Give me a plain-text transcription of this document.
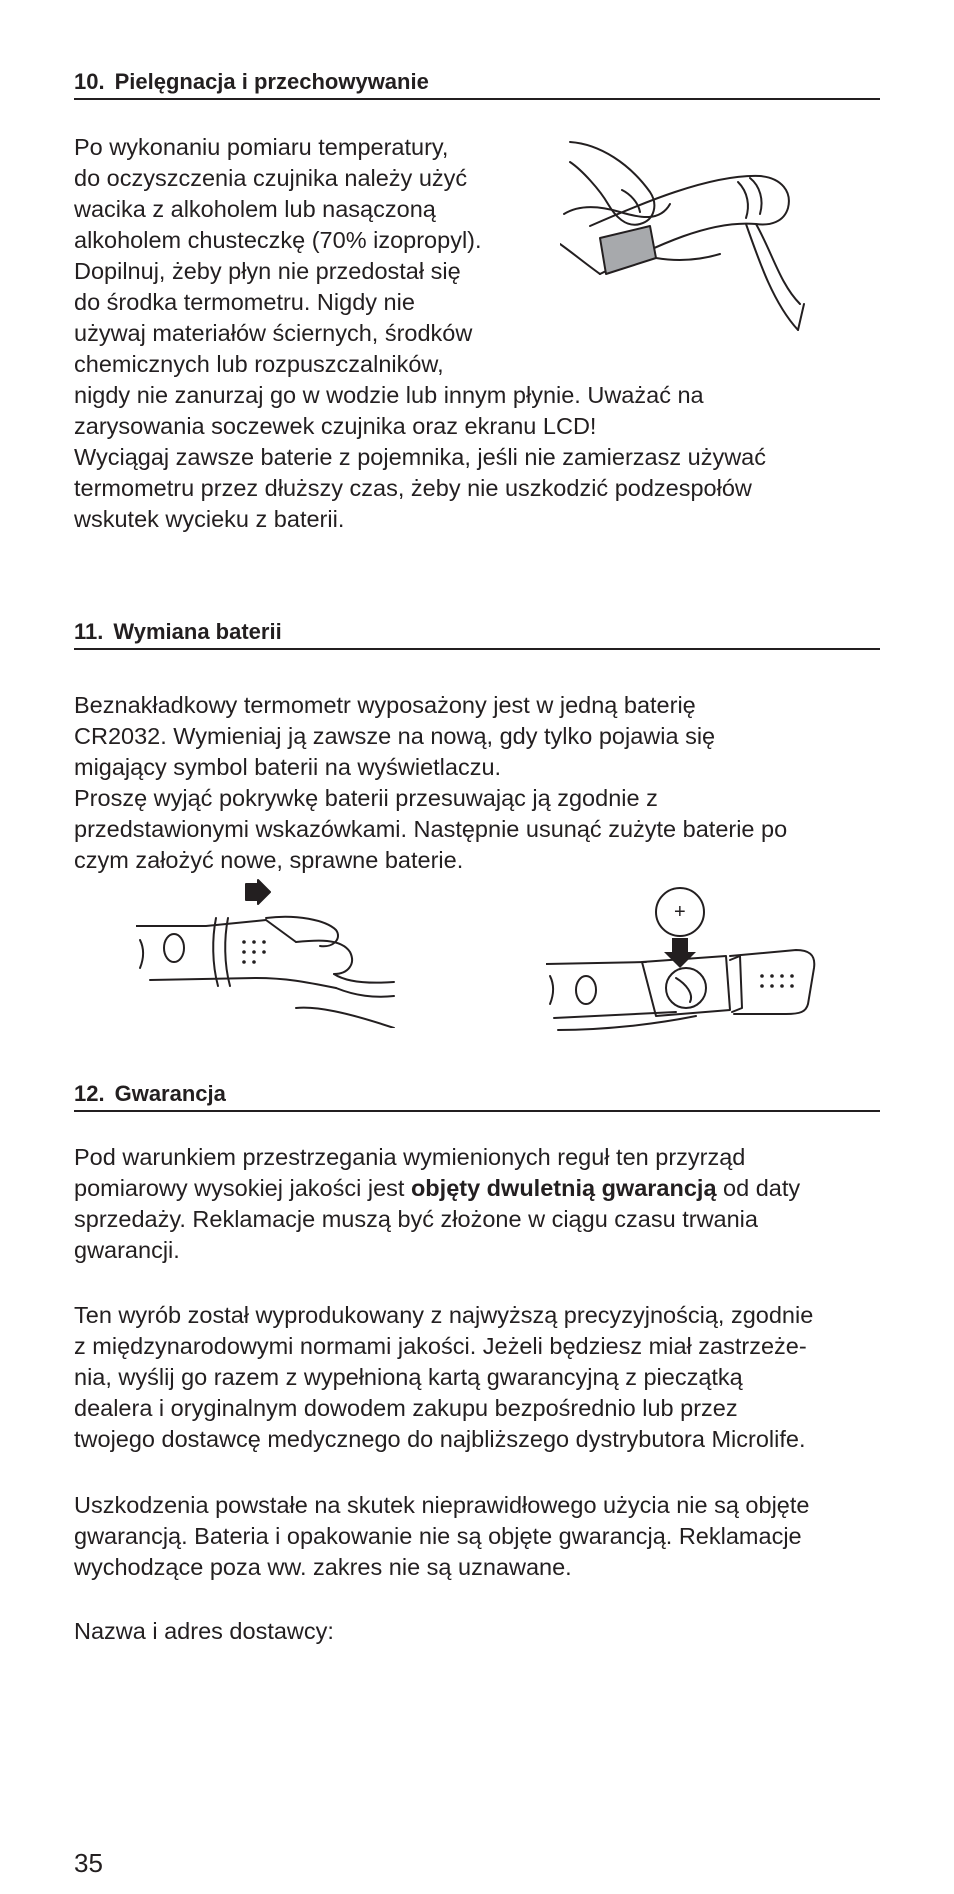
10. Pielęgnacja i przechowywanie
Po wykonaniu pomiaru temperatury,
do oczyszczenia czujnika należy użyć
wacika z alkoholem lub nasączoną
alkoholem chusteczkę (70% izopropyl).
Dopilnuj, żeby płyn nie przedostał się
do środka termometru. Nigdy nie
używaj materiałów ściernych, środków
chemicznych lub rozpuszczalników,
nigdy nie zanurzaj go w wodzie lub innym płynie. Uważać na
zarysowania soczewek czujnika oraz ekranu LCD!
Wyciągaj zawsze baterie z pojemnika, jeśli nie zamierzasz używać
termometru przez dłuższy czas, żeby nie uszkodzić podzespołów
wskutek wycieku z baterii.
11. Wymiana baterii
Beznakładkowy termometr wyposażony jest w jedną baterię
CR2032. Wymieniaj ją zawsze na nową, gdy tylko pojawia się
migający symbol baterii na wyświetlaczu.
Proszę wyjąć pokrywkę baterii przesuwając ją zgodnie z
przedstawionymi wskazówkami. Następnie usunąć zużyte baterie po
czym założyć nowe, sprawne baterie.
+
12. Gwarancja
Pod warunkiem przestrzegania wymienionych reguł ten przyrząd
pomiarowy wysokiej jakości jest objęty dwuletnią gwarancją od daty
sprzedaży. Reklamacje muszą być złożone w ciągu czasu trwania
gwarancji.
Ten wyrób został wyprodukowany z najwyższą precyzyjnością, zgodnie
z międzynarodowymi normami jakości. Jeżeli będziesz miał zastrzeże-
nia, wyślij go razem z wypełnioną kartą gwarancyjną z pieczątką
dealera i oryginalnym dowodem zakupu bezpośrednio lub przez
twojego dostawcę medycznego do najbliższego dystrybutora Microlife.
Uszkodzenia powstałe na skutek nieprawidłowego użycia nie są objęte
gwarancją. Bateria i opakowanie nie są objęte gwarancją. Reklamacje
wychodzące poza ww. zakres nie są uznawane.
Nazwa i adres dostawcy:
35
